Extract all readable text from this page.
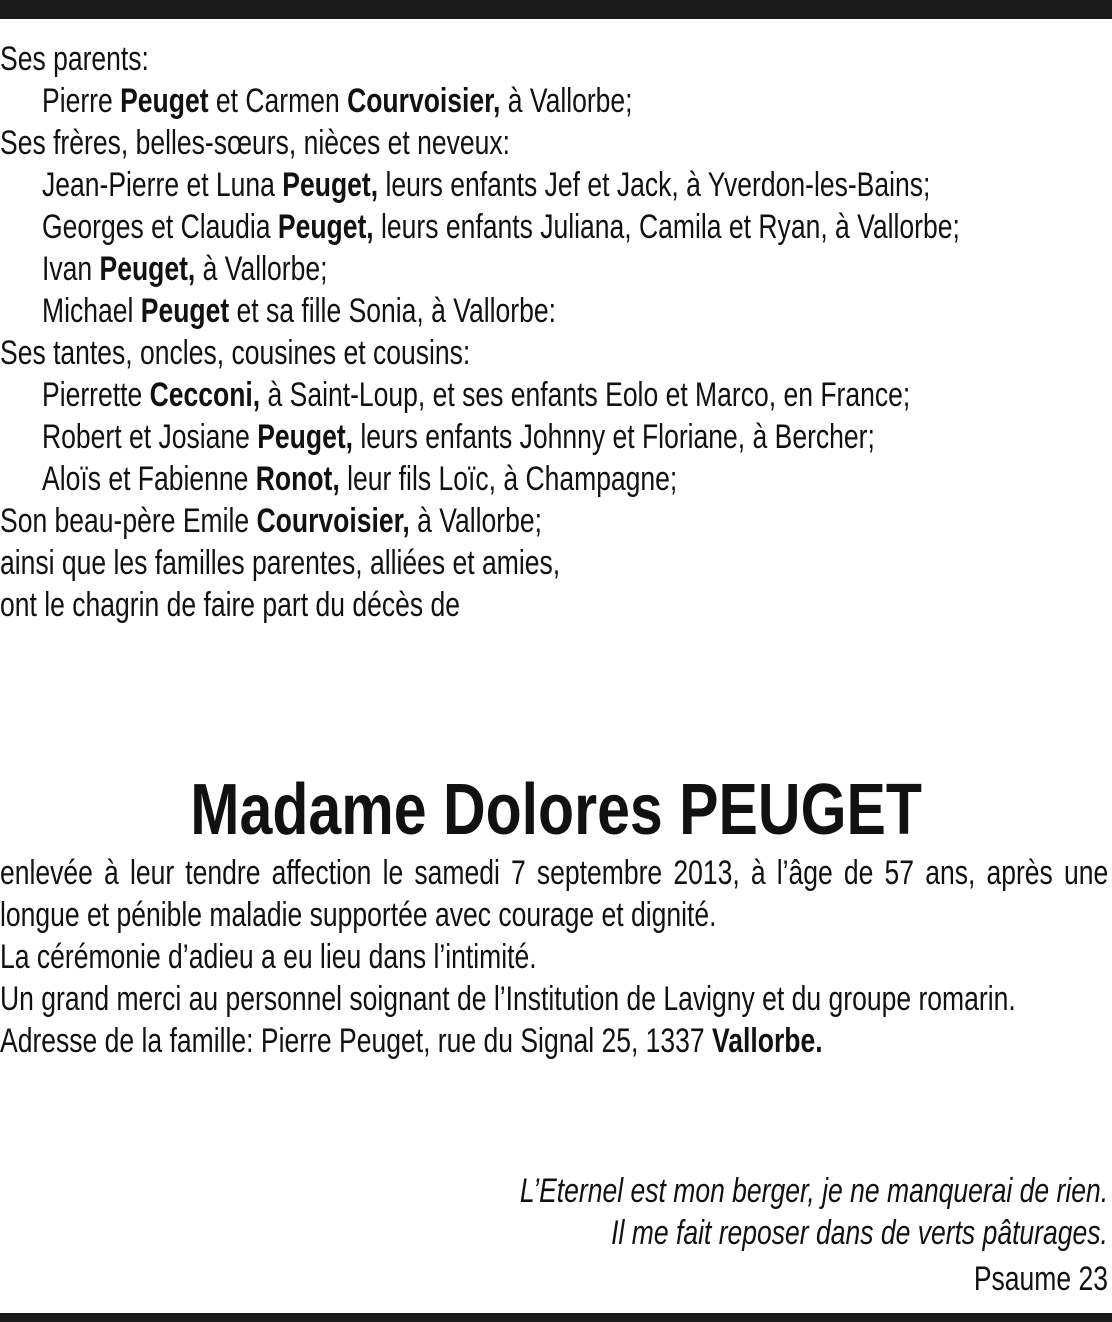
Ses parents:
Pierre Peuget et Carmen Courvoisier, à Vallorbe;
Ses frères, belles-sœurs, nièces et neveux:
Jean-Pierre et Luna Peuget, leurs enfants Jef et Jack, à Yverdon-les-Bains;
Georges et Claudia Peuget, leurs enfants Juliana, Camila et Ryan, à Vallorbe;
Ivan Peuget, à Vallorbe;
Michael Peuget et sa fille Sonia, à Vallorbe:
Ses tantes, oncles, cousines et cousins:
Pierrette Cecconi, à Saint-Loup, et ses enfants Eolo et Marco, en France;
Robert et Josiane Peuget, leurs enfants Johnny et Floriane, à Bercher;
Aloïs et Fabienne Ronot, leur fils Loïc, à Champagne;
Son beau-père Emile Courvoisier, à Vallorbe;
ainsi que les familles parentes, alliées et amies,
ont le chagrin de faire part du décès de
Madame Dolores PEUGET
enlevée à leur tendre affection le samedi 7 septembre 2013, à l’âge de 57 ans, après une longue et pénible maladie supportée avec courage et dignité.
La cérémonie d’adieu a eu lieu dans l’intimité.
Un grand merci au personnel soignant de l’Institution de Lavigny et du groupe romarin.
Adresse de la famille: Pierre Peuget, rue du Signal 25, 1337 Vallorbe.
L’Eternel est mon berger, je ne manquerai de rien.
Il me fait reposer dans de verts pâturages.
Psaume 23
